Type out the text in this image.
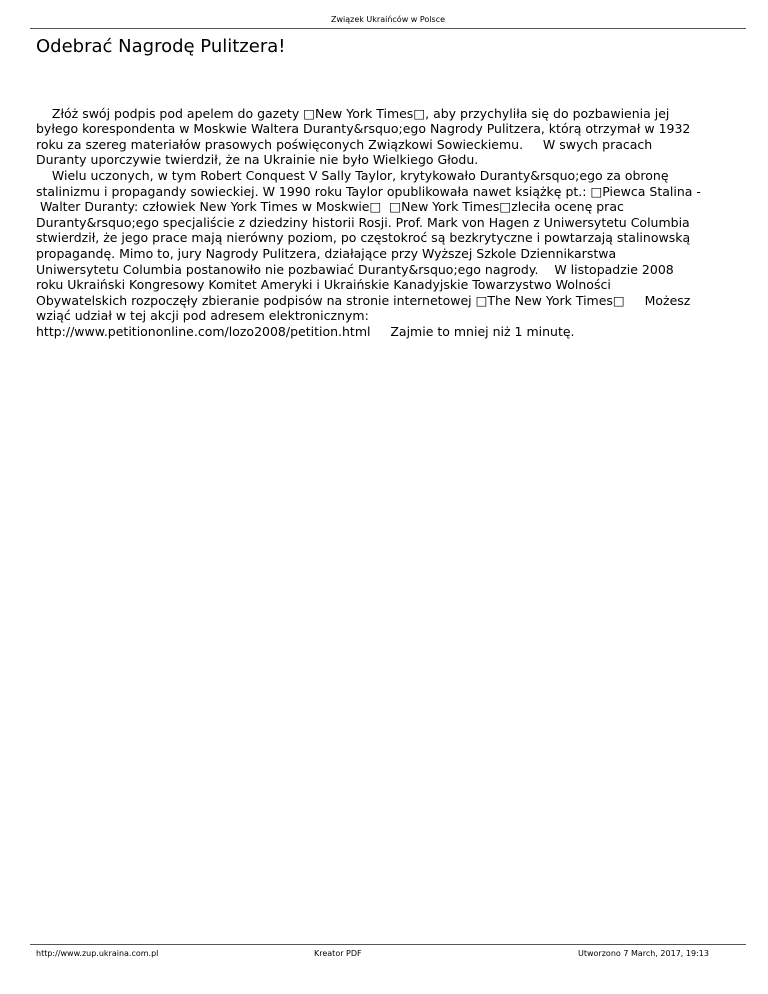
Związek Ukraińców w Polsce
Odebrać Nagrodę Pulitzera!

Złóż swój podpis pod apelem do gazety □New York Times□, aby przychyliła się do pozbawienia jej
byłego korespondenta w Moskwie Waltera Duranty&rsquo;ego Nagrody Pulitzera, którą otrzymał w 1932
roku za szereg materiałów prasowych poświęconych Związkowi Sowieckiemu.     W swych pracach
Duranty uporczywie twierdził, że na Ukrainie nie było Wielkiego Głodu.
Wielu uczonych, w tym Robert Conquest V Sally Taylor, krytykowało Duranty&rsquo;ego za obronę
stalinizmu i propagandy sowieckiej. W 1990 roku Taylor opublikowała nawet książkę pt.: □Piewca Stalina -
Walter Duranty: człowiek New York Times w Moskwie□  □New York Times□zleciła ocenę prac
Duranty&rsquo;ego specjaliście z dziedziny historii Rosji. Prof. Mark von Hagen z Uniwersytetu Columbia
stwierdził, że jego prace mają nierówny poziom, po częstokroć są bezkrytyczne i powtarzają stalinowską
propagandę. Mimo to, jury Nagrody Pulitzera, działające przy Wyższej Szkole Dziennikarstwa
Uniwersytetu Columbia postanowiło nie pozbawiać Duranty&rsquo;ego nagrody.    W listopadzie 2008
roku Ukraiński Kongresowy Komitet Ameryki i Ukraińskie Kanadyjskie Towarzystwo Wolności
Obywatelskich rozpoczęły zbieranie podpisów na stronie internetowej □The New York Times□     Możesz
wziąć udział w tej akcji pod adresem elektronicznym:
http://www.petitiononline.com/lozo2008/petition.html     Zajmie to mniej niż 1 minutę.

http://www.zup.ukraina.com.pl	Kreator PDF	Utworzono 7 March, 2017, 19:13
